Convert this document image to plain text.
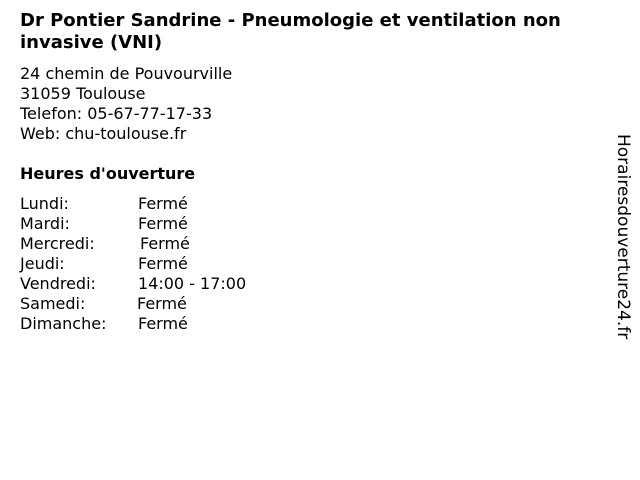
Dr Pontier Sandrine - Pneumologie et ventilation non invasive (VNI)
24 chemin de Pouvourville
31059 Toulouse
Telefon: 05-67-77-17-33
Web: chu-toulouse.fr
Heures d'ouverture
Lundi:	Fermé
Mardi:	Fermé
Mercredi:	Fermé
Jeudi:	Fermé
Vendredi:	14:00 - 17:00
Samedi:	Fermé
Dimanche: Fermé	Horairesdouverture24.fr
